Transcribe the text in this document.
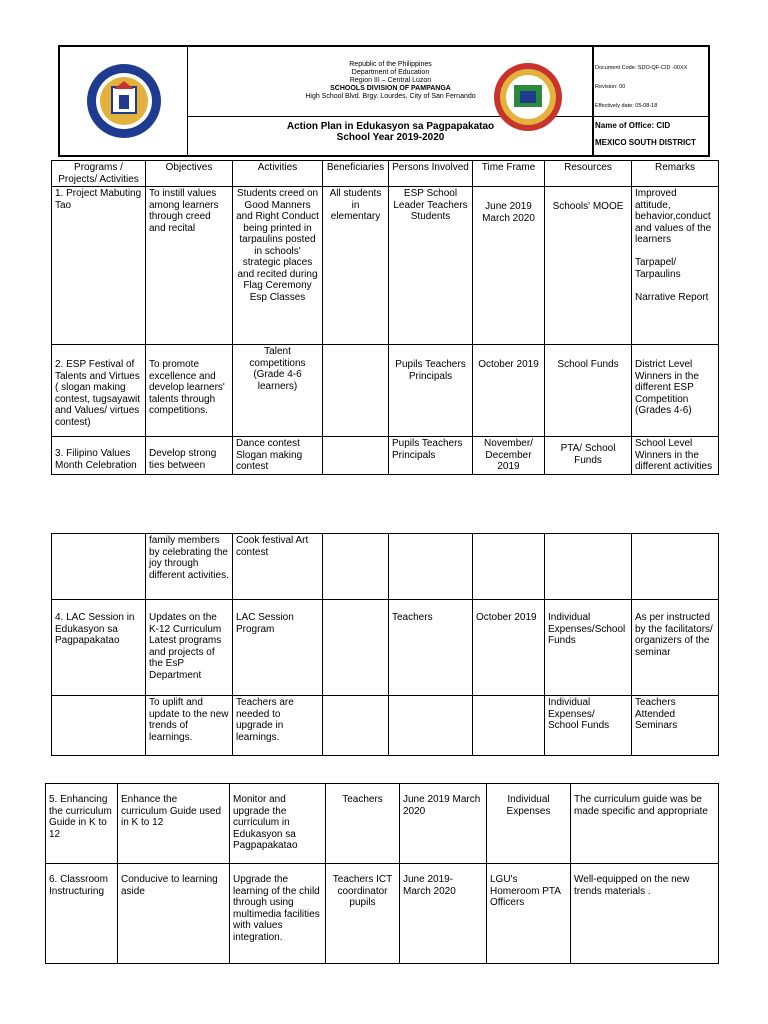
Republic of the Philippines
Department of Education
Region III – Central Luzon
SCHOOLS DIVISION OF PAMPANGA
High School Blvd. Brgy. Lourdes, City of San Fernando
Action Plan in Edukasyon sa Pagpapakatao
School Year 2019-2020
Document Code: SDO-QF-CID -00XX
Revision: 00
Effectively date: 05-08-18
Name of Office: CID
MEXICO SOUTH DISTRICT
Programs / Projects/ Activities	Objectives	Activities	Beneficiaries	Persons Involved	Time Frame	Resources	Remarks
1. Project Mabuting Tao	To instill values among learners through creed and recital	Students creed on Good Manners and Right Conduct being printed in tarpaulins posted in schools' strategic places and recited during Flag Ceremony Esp Classes	All students in elementary	ESP School Leader Teachers Students	June 2019 March 2020	Schools' MOOE	Improved attitude, behavior,conduct and values of the learners

Tarpapel/ Tarpaulins

Narrative Report
2. ESP Festival of Talents and Virtues ( slogan making contest, tugsayawit and Values/ virtues contest)	To promote excellence and develop learners' talents through competitions.	Talent competitions (Grade 4-6 learners)		Pupils Teachers Principals	October 2019	School Funds	District Level Winners in the different ESP Competition (Grades 4-6)
3. Filipino Values Month Celebration	Develop strong ties between	Dance contest Slogan making contest		Pupils Teachers Principals	November/ December 2019	PTA/ School Funds	School Level Winners in the different activities
	family members by celebrating the joy through different activities.	Cook festival Art contest					
4. LAC Session in Edukasyon sa Pagpapakatao	Updates on the K-12 Curriculum Latest programs and projects of the EsP Department	LAC Session Program		Teachers	October 2019	Individual Expenses/School Funds	As per instructed by the facilitators/ organizers of the seminar
	To uplift and update to the new trends of learnings.	Teachers are needed to upgrade in learnings.				Individual Expenses/ School Funds	Teachers Attended Seminars
5. Enhancing the curriculum Guide in K to 12	Enhance the curriculum Guide used in K to 12	Monitor and upgrade the curriculum in Edukasyon sa Pagpapakatao	Teachers	June 2019 March 2020	Individual Expenses	The curriculum guide was be made specific and appropriate
6. Classroom Instructuring	Conducive to learning aside	Upgrade the learning of the child through using multimedia facilities with values integration.	Teachers ICT coordinator pupils	June 2019- March 2020	LGU's Homeroom PTA Officers	Well-equipped on the new trends materials .
